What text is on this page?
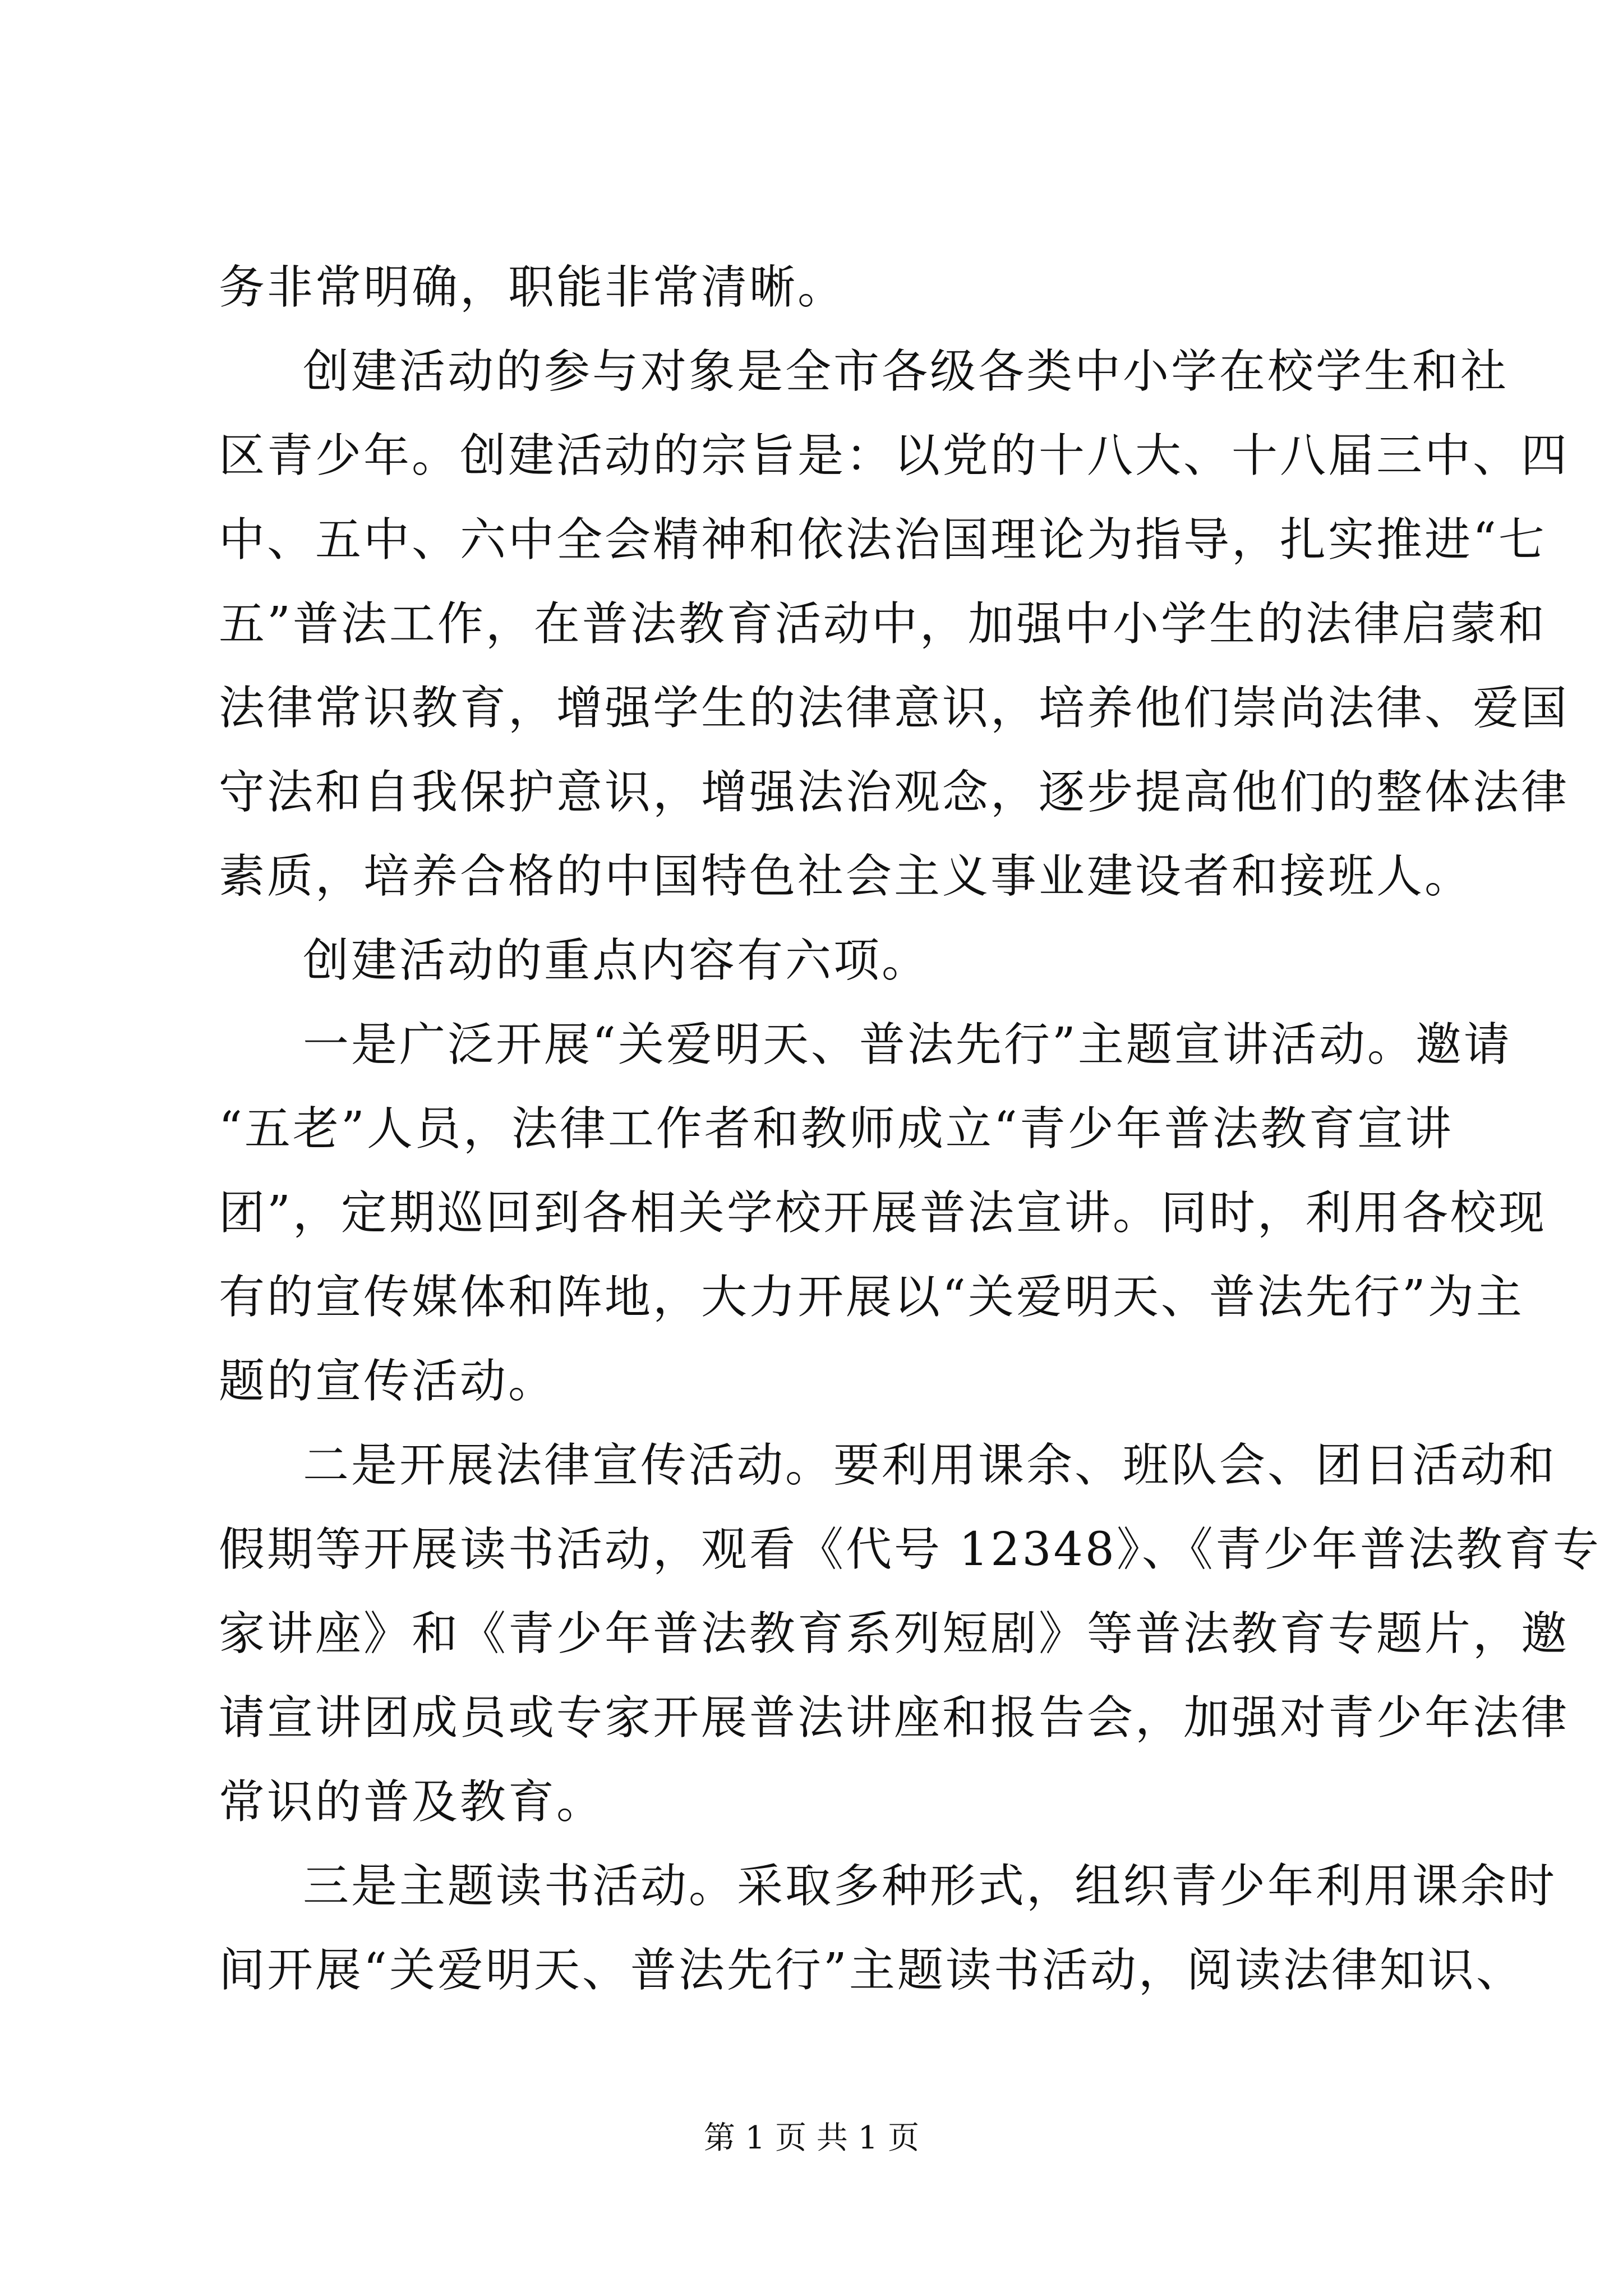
务非常明确，职能非常清晰。
创建活动的参与对象是全市各级各类中小学在校学生和社
区青少年。创建活动的宗旨是：以党的十八大、十八届三中、四
中、五中、六中全会精神和依法治国理论为指导，扎实推进“七
五”普法工作，在普法教育活动中，加强中小学生的法律启蒙和
法律常识教育，增强学生的法律意识，培养他们崇尚法律、爱国
守法和自我保护意识，增强法治观念，逐步提高他们的整体法律
素质，培养合格的中国特色社会主义事业建设者和接班人。
创建活动的重点内容有六项。
一是广泛开展“关爱明天、普法先行”主题宣讲活动。邀请
“五老”人员，法律工作者和教师成立“青少年普法教育宣讲
团”，定期巡回到各相关学校开展普法宣讲。同时，利用各校现
有的宣传媒体和阵地，大力开展以“关爱明天、普法先行”为主
题的宣传活动。
二是开展法律宣传活动。要利用课余、班队会、团日活动和
假期等开展读书活动，观看《代号 12348》、《青少年普法教育专
家讲座》和《青少年普法教育系列短剧》等普法教育专题片，邀
请宣讲团成员或专家开展普法讲座和报告会，加强对青少年法律
常识的普及教育。
三是主题读书活动。采取多种形式，组织青少年利用课余时
间开展“关爱明天、普法先行”主题读书活动，阅读法律知识、
第 1 页 共 1 页
